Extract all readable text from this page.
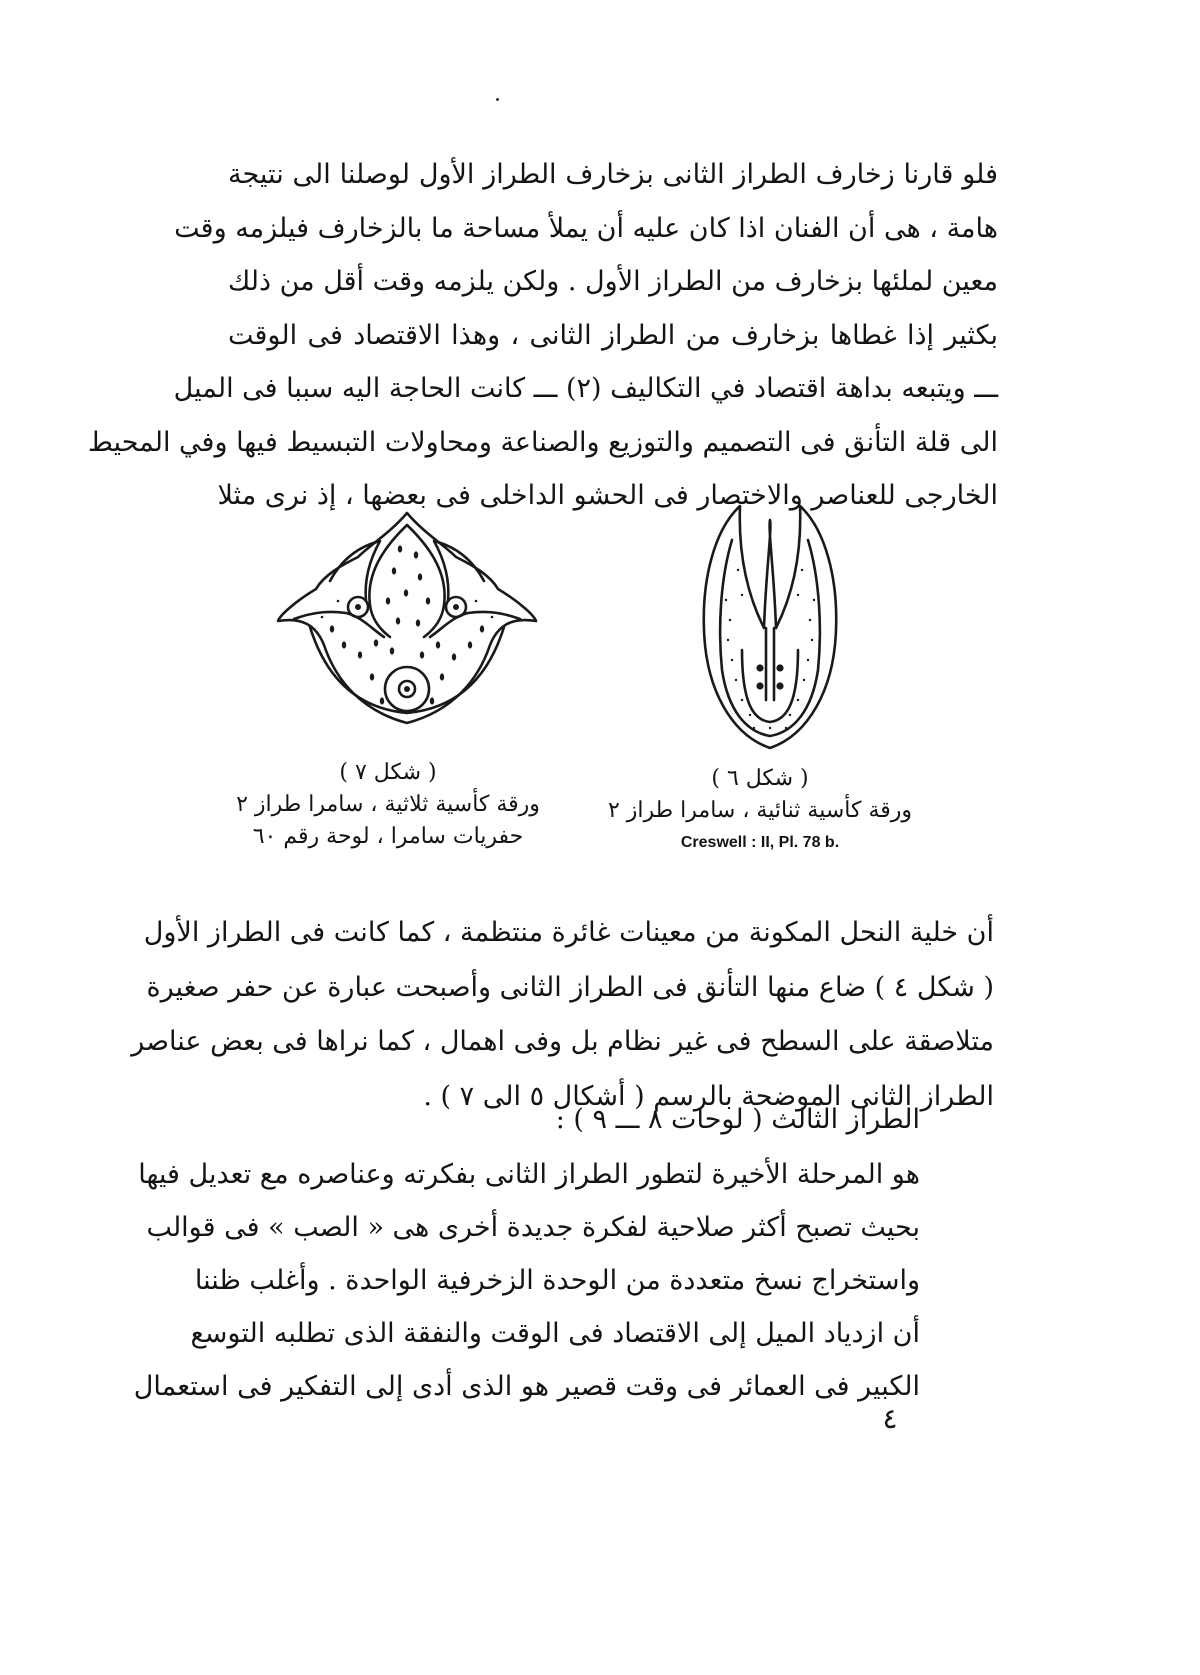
فلو قارنا زخارف الطراز الثانى بزخارف الطراز الأول لوصلنا الى نتيجة
هامة ، هى أن الفنان اذا كان عليه أن يملأ مساحة ما بالزخارف فيلزمه وقت
معين لملئها بزخارف من الطراز الأول . ولكن يلزمه وقت أقل من ذلك
بكثير إذا غطاها بزخارف من الطراز الثانى ، وهذا الاقتصاد فى الوقت
ـــ ويتبعه بداهة اقتصاد في التكاليف (٢) ـــ كانت الحاجة اليه سببا فى الميل
الى قلة التأنق فى التصميم والتوزيع والصناعة ومحاولات التبسيط فيها وفي المحيط
الخارجى للعناصر والاختصار فى الحشو الداخلى فى بعضها ، إذ نرى مثلا
( شكل ٦ )
ورقة كأسية ثنائية ، سامرا طراز ٢
Creswell : II, Pl. 78 b.
( شكل ٧ )
ورقة كأسية ثلاثية ، سامرا طراز ٢
حفريات سامرا ، لوحة رقم ٦٠
أن خلية النحل المكونة من معينات غائرة منتظمة ، كما كانت فى الطراز الأول
( شكل ٤ ) ضاع منها التأنق فى الطراز الثانى وأصبحت عبارة عن حفر صغيرة
متلاصقة على السطح فى غير نظام بل وفى اهمال ، كما نراها فى بعض عناصر
الطراز الثانى الموضحة بالرسم ( أشكال ٥ الى ٧ ) .
الطراز الثالث ( لوحات ٨ ـــ ٩ ) :
هو المرحلة الأخيرة لتطور الطراز الثانى بفكرته وعناصره مع تعديل فيها
بحيث تصبح أكثر صلاحية لفكرة جديدة أخرى هى « الصب » فى قوالب
واستخراج نسخ متعددة من الوحدة الزخرفية الواحدة . وأغلب ظننا
أن ازدياد الميل إلى الاقتصاد فى الوقت والنفقة الذى تطلبه التوسع
الكبير فى العمائر فى وقت قصير هو الذى أدى إلى التفكير فى استعمال
٤
